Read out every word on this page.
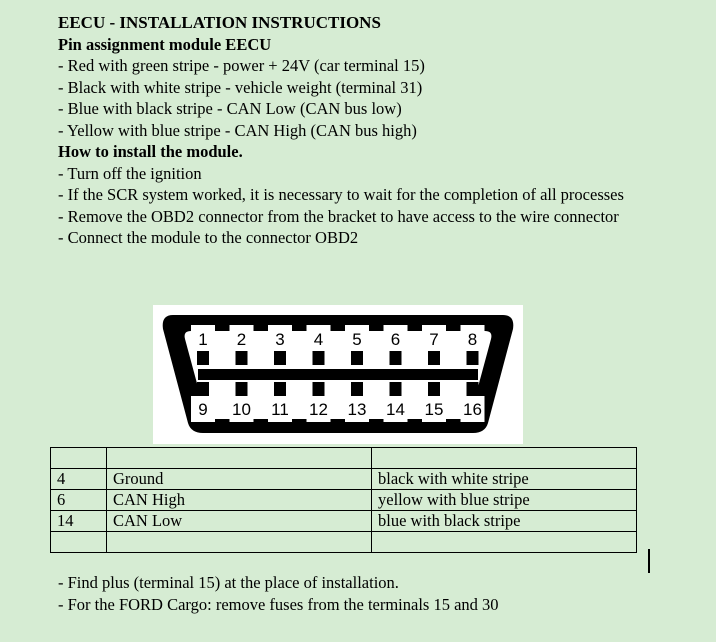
EECU - INSTALLATION INSTRUCTIONS
Pin assignment module EECU
- Red with green stripe - power + 24V (car terminal 15)
- Black with white stripe - vehicle weight (terminal 31)
- Blue with black stripe - CAN Low (CAN bus low)
- Yellow with blue stripe - CAN High (CAN bus high)
How to install the module.
- Turn off the ignition
- If the SCR system worked, it is necessary to wait for the completion of all processes
- Remove the OBD2 connector from the bracket to have access to the wire connector
- Connect the module to the connector OBD2
1 2 3 4 5 6 7 8
9 10 11 12 13 14 15 16

4	Ground	black with white stripe
6	CAN High	yellow with blue stripe
14	CAN Low	blue with black stripe

- Find plus (terminal 15) at the place of installation.
- For the FORD Cargo: remove fuses from the terminals 15 and 30
